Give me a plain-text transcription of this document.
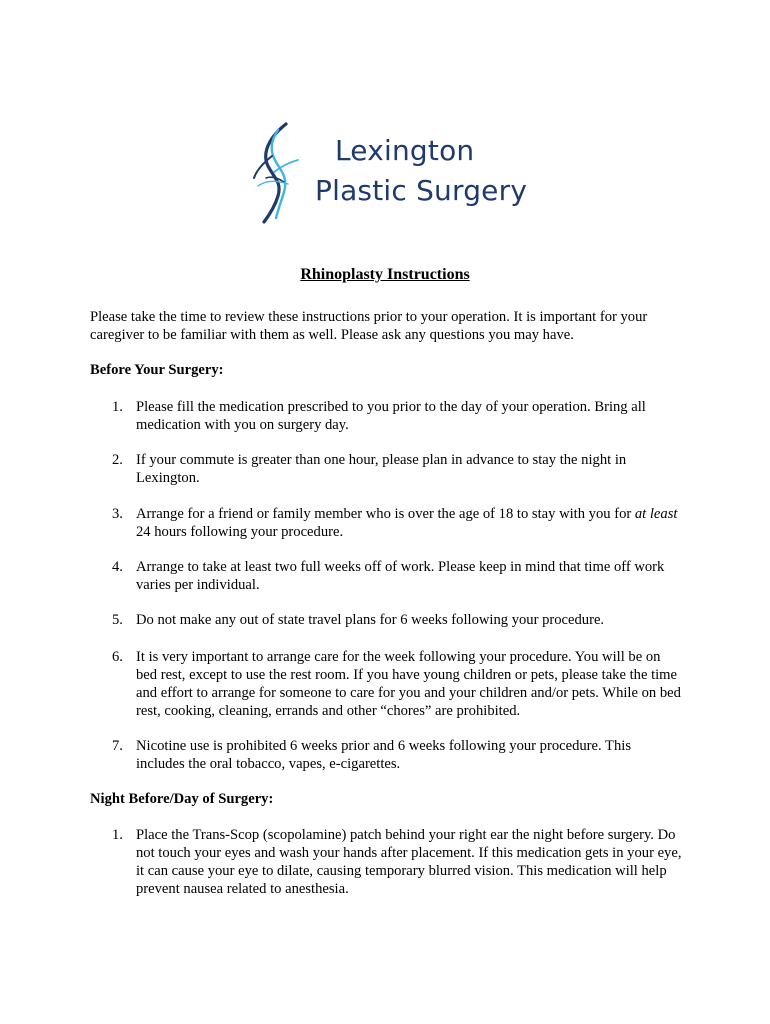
Lexington
Plastic Surgery
Rhinoplasty Instructions
Please take the time to review these instructions prior to your operation. It is important for your caregiver to be familiar with them as well. Please ask any questions you may have.
Before Your Surgery:
1. Please fill the medication prescribed to you prior to the day of your operation. Bring all medication with you on surgery day.
2. If your commute is greater than one hour, please plan in advance to stay the night in Lexington.
3. Arrange for a friend or family member who is over the age of 18 to stay with you for at least 24 hours following your procedure.
4. Arrange to take at least two full weeks off of work. Please keep in mind that time off work varies per individual.
5. Do not make any out of state travel plans for 6 weeks following your procedure.
6. It is very important to arrange care for the week following your procedure. You will be on bed rest, except to use the rest room. If you have young children or pets, please take the time and effort to arrange for someone to care for you and your children and/or pets. While on bed rest, cooking, cleaning, errands and other “chores” are prohibited.
7. Nicotine use is prohibited 6 weeks prior and 6 weeks following your procedure. This includes the oral tobacco, vapes, e-cigarettes.
Night Before/Day of Surgery:
1. Place the Trans-Scop (scopolamine) patch behind your right ear the night before surgery. Do not touch your eyes and wash your hands after placement. If this medication gets in your eye, it can cause your eye to dilate, causing temporary blurred vision. This medication will help prevent nausea related to anesthesia.
